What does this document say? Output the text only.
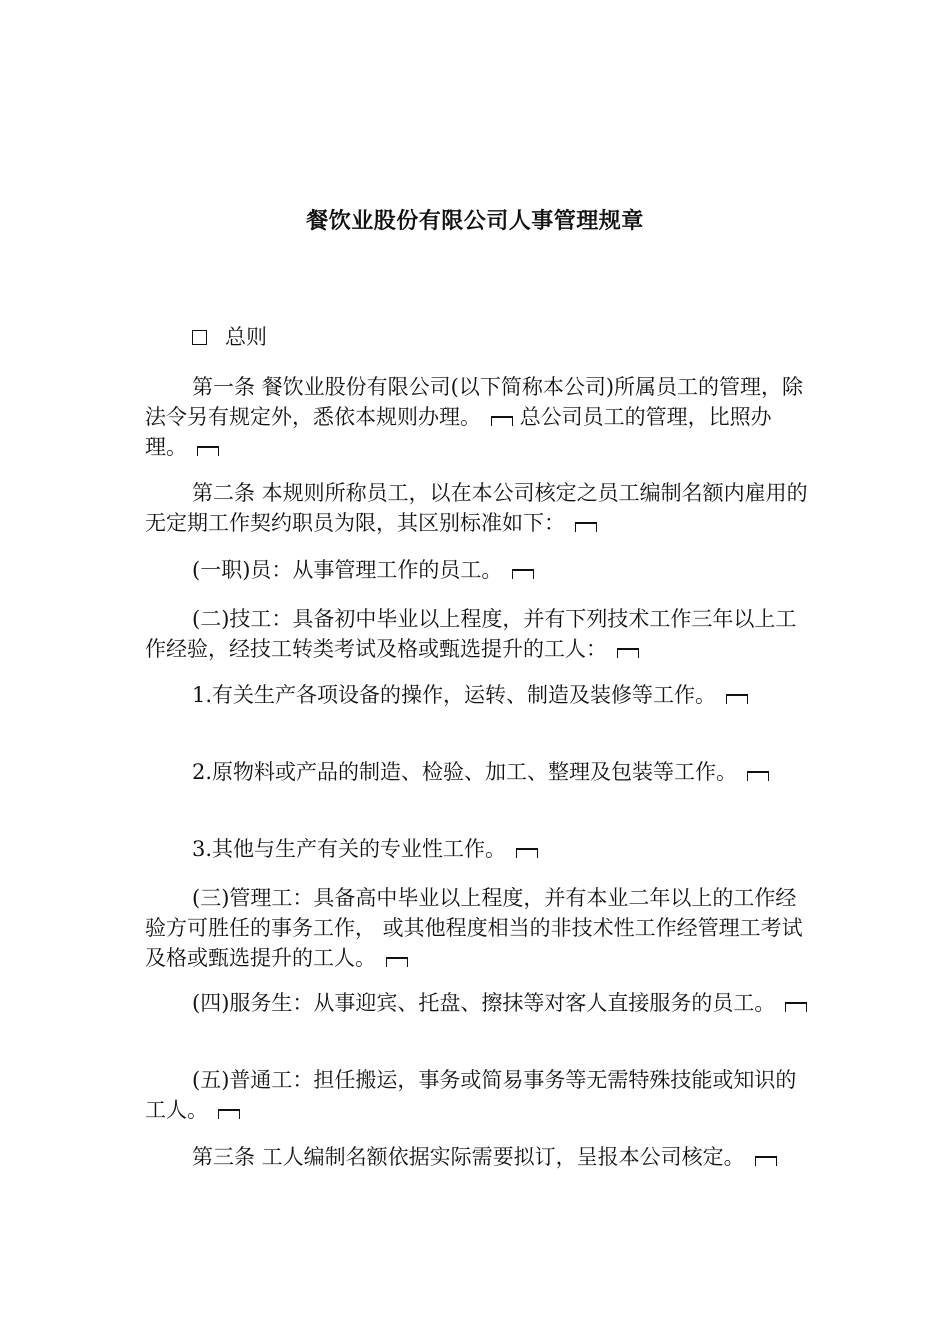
餐饮业股份有限公司人事管理规章
总则

第一条 餐饮业股份有限公司(以下简称本公司)所属员工的管理，除法令另有规定外，悉依本规则办理。 总公司员工的管理，比照办理。

第二条 本规则所称员工，以在本公司核定之员工编制名额内雇用的无定期工作契约职员为限，其区别标准如下：

(一职)员：从事管理工作的员工。

(二)技工：具备初中毕业以上程度，并有下列技术工作三年以上工作经验，经技工转类考试及格或甄选提升的工人：

1.有关生产各项设备的操作，运转、制造及装修等工作。

2.原物料或产品的制造、检验、加工、整理及包装等工作。

3.其他与生产有关的专业性工作。

(三)管理工：具备高中毕业以上程度，并有本业二年以上的工作经验方可胜任的事务工作， 或其他程度相当的非技术性工作经管理工考试及格或甄选提升的工人。

(四)服务生：从事迎宾、托盘、擦抹等对客人直接服务的员工。

(五)普通工：担任搬运，事务或简易事务等无需特殊技能或知识的工人。

第三条 工人编制名额依据实际需要拟订，呈报本公司核定。
